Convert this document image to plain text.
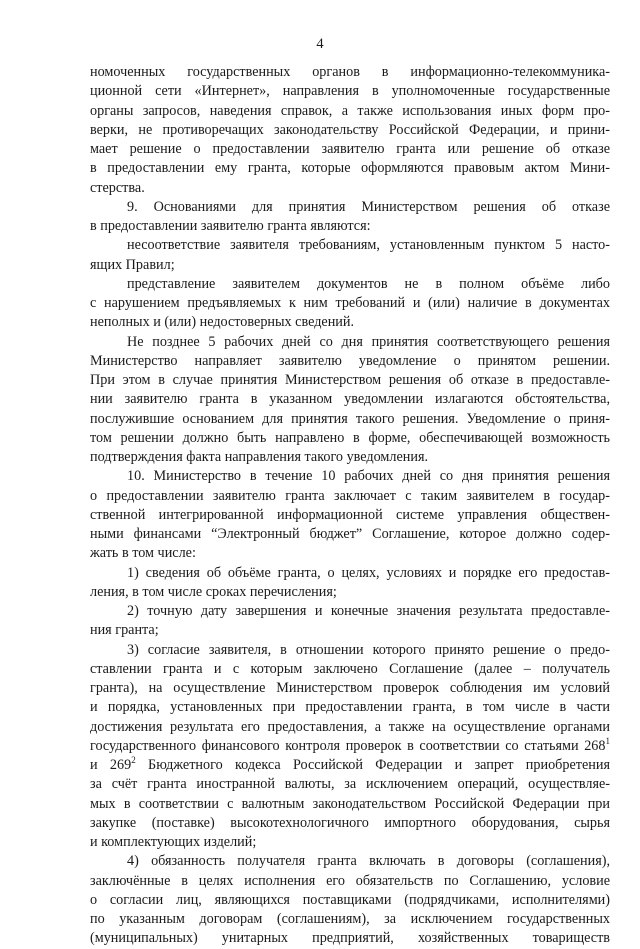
4
номоченных государственных органов в информационно-телекоммуника-
ционной сети «Интернет», направления в уполномоченные государственные
органы запросов, наведения справок, а также использования иных форм про-
верки, не противоречащих законодательству Российской Федерации, и прини-
мает решение о предоставлении заявителю гранта или решение об отказе
в предоставлении ему гранта, которые оформляются правовым актом Мини-
стерства.
9. Основаниями для принятия Министерством решения об отказе
в предоставлении заявителю гранта являются:
несоответствие заявителя требованиям, установленным пунктом 5 насто-
ящих Правил;
представление заявителем документов не в полном объёме либо
с нарушением предъявляемых к ним требований и (или) наличие в документах
неполных и (или) недостоверных сведений.
Не позднее 5 рабочих дней со дня принятия соответствующего решения
Министерство направляет заявителю уведомление о принятом решении.
При этом в случае принятия Министерством решения об отказе в предоставле-
нии заявителю гранта в указанном уведомлении излагаются обстоятельства,
послужившие основанием для принятия такого решения. Уведомление о приня-
том решении должно быть направлено в форме, обеспечивающей возможность
подтверждения факта направления такого уведомления.
10. Министерство в течение 10 рабочих дней со дня принятия решения
о предоставлении заявителю гранта заключает с таким заявителем в государ-
ственной интегрированной информационной системе управления обществен-
ными финансами “Электронный бюджет” Соглашение, которое должно содер-
жать в том числе:
1) сведения об объёме гранта, о целях, условиях и порядке его предостав-
ления, в том числе сроках перечисления;
2) точную дату завершения и конечные значения результата предоставле-
ния гранта;
3) согласие заявителя, в отношении которого принято решение о предо-
ставлении гранта и с которым заключено Соглашение (далее – получатель
гранта), на осуществление Министерством проверок соблюдения им условий
и порядка, установленных при предоставлении гранта, в том числе в части
достижения результата его предоставления, а также на осуществление органами
государственного финансового контроля проверок в соответствии со статьями $268^1$
и $269^2$ Бюджетного кодекса Российской Федерации и запрет приобретения
за счёт гранта иностранной валюты, за исключением операций, осуществляе-
мых в соответствии с валютным законодательством Российской Федерации при
закупке (поставке) высокотехнологичного импортного оборудования, сырья
и комплектующих изделий;
4) обязанность получателя гранта включать в договоры (соглашения),
заключённые в целях исполнения его обязательств по Соглашению, условие
о согласии лиц, являющихся поставщиками (подрядчиками, исполнителями)
по указанным договорам (соглашениям), за исключением государственных
(муниципальных) унитарных предприятий, хозяйственных товариществ
